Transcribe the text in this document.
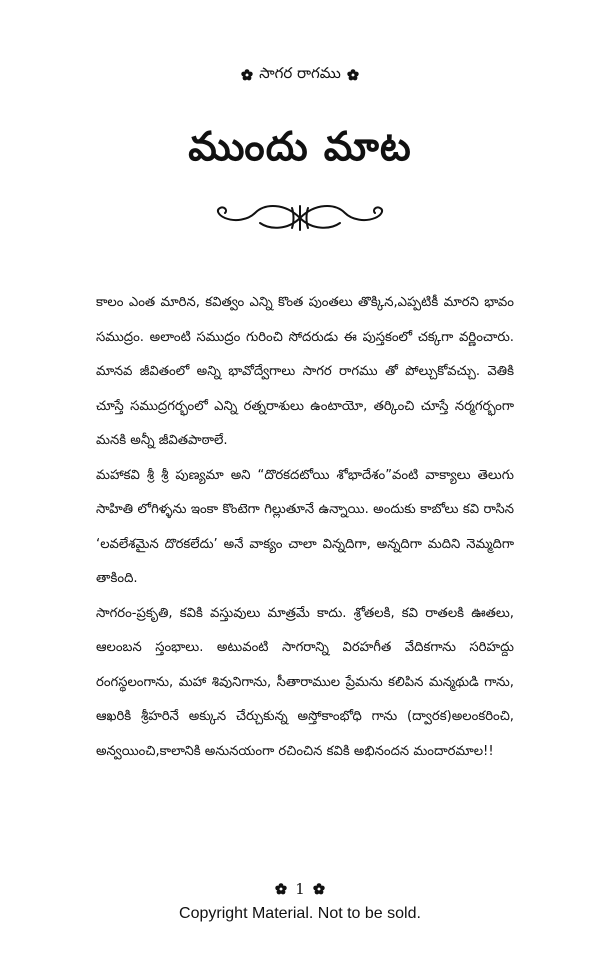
సాగర రాగము
ముందు మాట

కాలం ఎంత మారిన, కవిత్వం ఎన్ని కొంత పుంతలు తొక్కిన,ఎప్పటికీ మారని భావం సముద్రం. అలాంటి సముద్రం గురించి సోదరుడు ఈ పుస్తకంలో చక్కగా వర్ణించారు. మానవ జీవితంలో అన్ని భావోద్వేగాలు సాగర రాగము తో పోల్చుకోవచ్చు. వెతికి చూస్తే సముద్రగర్భంలో ఎన్ని రత్నరాశులు ఉంటాయో, తర్కించి చూస్తే నర్మగర్భంగా మనకి అన్నీ జీవితపాఠాలే.

మహాకవి శ్రీ శ్రీ పుణ్యమా అని “దొరకదటోయి శోభాదేశం”వంటి వాక్యాలు తెలుగు సాహితి లోగిళ్ళను ఇంకా కొంటెగా గిల్లుతూనే ఉన్నాయి. అందుకు కాబోలు కవి రాసిన ‘లవలేశమైన దొరకలేదు’ అనే వాక్యం చాలా విన్నదిగా, అన్నదిగా మదిని నెమ్మదిగా తాకింది.

సాగరం-ప్రకృతి, కవికి వస్తువులు మాత్రమే కాదు. శ్రోతలకి, కవి రాతలకి ఊతలు, ఆలంబన స్తంభాలు. అటువంటి సాగరాన్ని విరహగీత వేదికగాను సరిహద్దు రంగస్థలంగాను, మహా శివునిగాను, సీతారాముల ప్రేమను కలిపిన మన్మథుడి గాను, ఆఖరికి శ్రీహరినే అక్కున చేర్చుకున్న అస్తోకాంభోధి గాను (ద్వారక)అలంకరించి, అన్వయించి,కాలానికి అనునయంగా రచించిన కవికి అభినందన మందారమాల!!

1
Copyright Material. Not to be sold.
